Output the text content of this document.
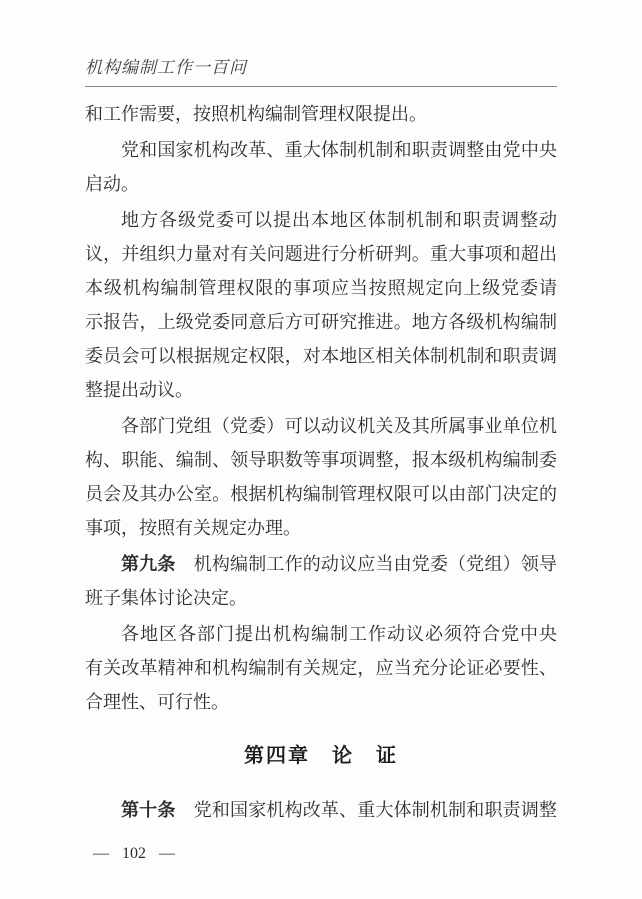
机构编制工作一百问
和工作需要，按照机构编制管理权限提出。
党和国家机构改革、重大体制机制和职责调整由党中央
启动。
地方各级党委可以提出本地区体制机制和职责调整动
议，并组织力量对有关问题进行分析研判。重大事项和超出
本级机构编制管理权限的事项应当按照规定向上级党委请
示报告，上级党委同意后方可研究推进。地方各级机构编制
委员会可以根据规定权限，对本地区相关体制机制和职责调
整提出动议。
各部门党组（党委）可以动议机关及其所属事业单位机
构、职能、编制、领导职数等事项调整，报本级机构编制委
员会及其办公室。根据机构编制管理权限可以由部门决定的
事项，按照有关规定办理。
第九条　机构编制工作的动议应当由党委（党组）领导
班子集体讨论决定。
各地区各部门提出机构编制工作动议必须符合党中央
有关改革精神和机构编制有关规定，应当充分论证必要性、
合理性、可行性。
第四章　论　证
第十条　党和国家机构改革、重大体制机制和职责调整
— 102 —
